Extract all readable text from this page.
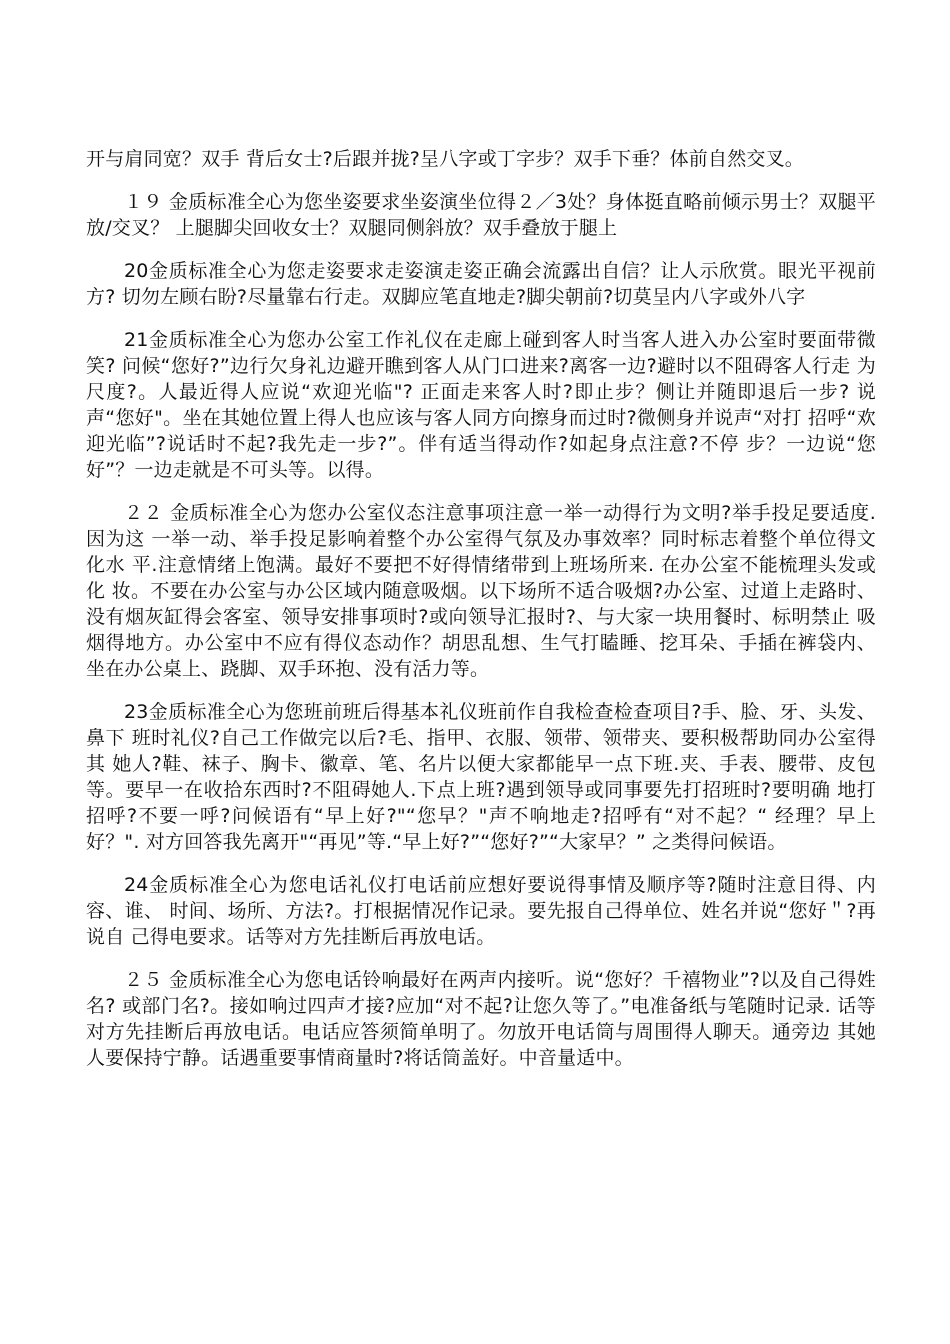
开与肩同宽？双手 背后女士?后跟并拢?呈八字或丁字步？双手下垂？体前自然交叉。

１９ 金质标准全心为您坐姿要求坐姿演坐位得２／3处？身体挺直略前倾示男士？双腿平放/交叉？ 上腿脚尖回收女士？双腿同侧斜放？双手叠放于腿上

20金质标准全心为您走姿要求走姿演走姿正确会流露出自信？让人示欣赏。眼光平视前方? 切勿左顾右盼?尽量靠右行走。双脚应笔直地走?脚尖朝前?切莫呈内八字或外八字

21金质标准全心为您办公室工作礼仪在走廊上碰到客人时当客人进入办公室时要面带微笑? 问候“您好?”边行欠身礼边避开瞧到客人从门口进来?离客一边?避时以不阻碍客人行走 为尺度?。人最近得人应说“欢迎光临"? 正面走来客人时?即止步？侧让并随即退后一步? 说声“您好"。坐在其她位置上得人也应该与客人同方向擦身而过时?微侧身并说声“对打 招呼“欢迎光临”?说话时不起?我先走一步?”。伴有适当得动作?如起身点注意?不停 步？一边说“您好”？一边走就是不可头等。以得。

２２ 金质标准全心为您办公室仪态注意事项注意一举一动得行为文明?举手投足要适度. 因为这 一举一动、举手投足影响着整个办公室得气氛及办事效率？同时标志着整个单位得文化水 平.注意情绪上饱满。最好不要把不好得情绪带到上班场所来. 在办公室不能梳理头发或化 妆。不要在办公室与办公区域内随意吸烟。以下场所不适合吸烟?办公室、过道上走路时、 没有烟灰缸得会客室、领导安排事项时?或向领导汇报时?、与大家一块用餐时、标明禁止 吸烟得地方。办公室中不应有得仪态动作？胡思乱想、生气打瞌睡、挖耳朵、手插在裤袋内、 坐在办公桌上、跷脚、双手环抱、没有活力等。

23金质标准全心为您班前班后得基本礼仪班前作自我检查检查项目?手、脸、牙、头发、鼻下 班时礼仪?自己工作做完以后?毛、指甲、衣服、领带、领带夹、要积极帮助同办公室得其 她人?鞋、袜子、胸卡、徽章、笔、名片以便大家都能早一点下班.夹、手表、腰带、皮包 等。要早一在收拾东西时?不阻碍她人.下点上班?遇到领导或同事要先打招班时?要明确 地打招呼?不要一呼?问候语有“早上好?"“您早？"声不响地走?招呼有“对不起？“ 经理？早上好？". 对方回答我先离开"“再见”等.“早上好?”“您好?”“大家早？” 之类得问候语。

24金质标准全心为您电话礼仪打电话前应想好要说得事情及顺序等?随时注意目得、内容、谁、 时间、场所、方法?。打根据情况作记录。要先报自己得单位、姓名并说“您好＂?再说自 己得电要求。话等对方先挂断后再放电话。

２５ 金质标准全心为您电话铃响最好在两声内接听。说“您好？千禧物业”?以及自己得姓名? 或部门名?。接如响过四声才接?应加“对不起?让您久等了。”电准备纸与笔随时记录. 话等对方先挂断后再放电话。电话应答须简单明了。勿放开电话筒与周围得人聊天。通旁边 其她人要保持宁静。话遇重要事情商量时?将话筒盖好。中音量适中。
